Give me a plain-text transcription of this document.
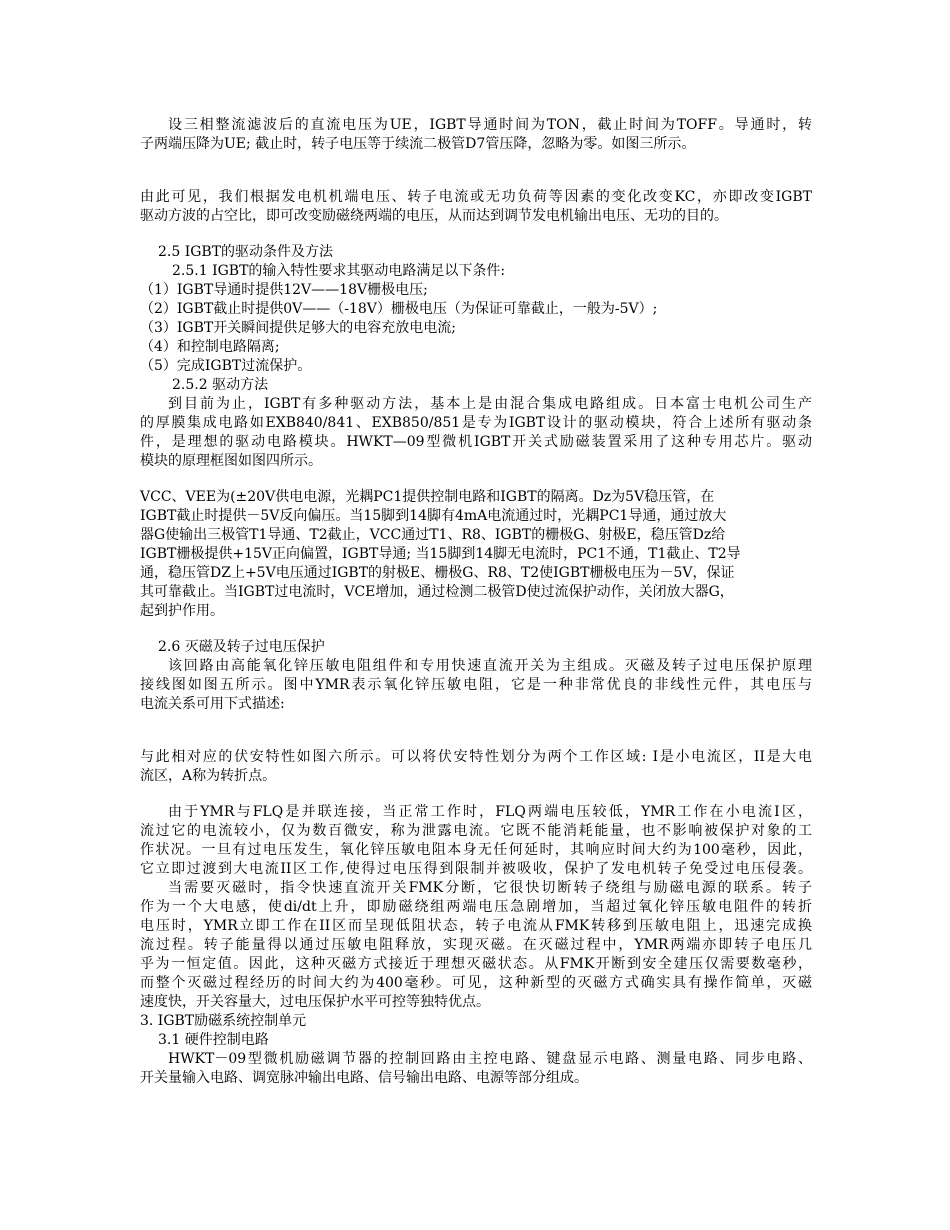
设三相整流滤波后的直流电压为UE，IGBT导通时间为TON，截止时间为TOFF。导通时，转
子两端压降为UE; 截止时，转子电压等于续流二极管D7管压降，忽略为零。如图三所示。
由此可见，我们根据发电机机端电压、转子电流或无功负荷等因素的变化改变KC，亦即改变IGBT
驱动方波的占空比，即可改变励磁绕两端的电压，从而达到调节发电机输出电压、无功的目的。
2.5 IGBT的驱动条件及方法
2.5.1 IGBT的输入特性要求其驱动电路满足以下条件:
（1）IGBT导通时提供12V——18V栅极电压;
（2）IGBT截止时提供0V——（-18V）栅极电压（为保证可靠截止，一般为-5V）;
（3）IGBT开关瞬间提供足够大的电容充放电电流;
（4）和控制电路隔离;
（5）完成IGBT过流保护。
2.5.2 驱动方法
到目前为止，IGBT有多种驱动方法，基本上是由混合集成电路组成。日本富士电机公司生产
的厚膜集成电路如EXB840/841、EXB850/851是专为IGBT设计的驱动模块，符合上述所有驱动条
件，是理想的驱动电路模块。HWKT—09型微机IGBT开关式励磁装置采用了这种专用芯片。驱动
模块的原理框图如图四所示。
VCC、VEE为(±20V供电电源，光耦PC1提供控制电路和IGBT的隔离。Dz为5V稳压管，在
IGBT截止时提供－5V反向偏压。当15脚到14脚有4mA电流通过时，光耦PC1导通，通过放大
器G使输出三极管T1导通、T2截止，VCC通过T1、R8、IGBT的栅极G、射极E，稳压管Dz给
IGBT栅极提供+15V正向偏置，IGBT导通; 当15脚到14脚无电流时，PC1不通，T1截止、T2导
通，稳压管DZ上+5V电压通过IGBT的射极E、栅极G、R8、T2使IGBT栅极电压为－5V，保证
其可靠截止。当IGBT过电流时，VCE增加，通过检测二极管D使过流保护动作，关闭放大器G，
起到护作用。
2.6 灭磁及转子过电压保护
该回路由高能氧化锌压敏电阻组件和专用快速直流开关为主组成。灭磁及转子过电压保护原理
接线图如图五所示。图中YMR表示氧化锌压敏电阻，它是一种非常优良的非线性元件，其电压与
电流关系可用下式描述:
与此相对应的伏安特性如图六所示。可以将伏安特性划分为两个工作区域: I是小电流区，II是大电
流区，A称为转折点。
由于YMR与FLQ是并联连接，当正常工作时，FLQ两端电压较低，YMR工作在小电流I区，
流过它的电流较小，仅为数百微安，称为泄露电流。它既不能消耗能量，也不影响被保护对象的工
作状况。一旦有过电压发生，氧化锌压敏电阻本身无任何延时，其响应时间大约为100毫秒，因此，
它立即过渡到大电流II区工作,使得过电压得到限制并被吸收，保护了发电机转子免受过电压侵袭。
当需要灭磁时，指令快速直流开关FMK分断，它很快切断转子绕组与励磁电源的联系。转子
作为一个大电感，使di/dt上升，即励磁绕组两端电压急剧增加，当超过氧化锌压敏电阻件的转折
电压时，YMR立即工作在II区而呈现低阻状态，转子电流从FMK转移到压敏电阻上，迅速完成换
流过程。转子能量得以通过压敏电阻释放，实现灭磁。在灭磁过程中，YMR两端亦即转子电压几
乎为一恒定值。因此，这种灭磁方式接近于理想灭磁状态。从FMK开断到安全建压仅需要数毫秒，
而整个灭磁过程经历的时间大约为400毫秒。可见，这种新型的灭磁方式确实具有操作简单，灭磁
速度快，开关容量大，过电压保护水平可控等独特优点。
3. IGBT励磁系统控制单元
3.1 硬件控制电路
HWKT－09型微机励磁调节器的控制回路由主控电路、键盘显示电路、测量电路、同步电路、
开关量输入电路、调宽脉冲输出电路、信号输出电路、电源等部分组成。
